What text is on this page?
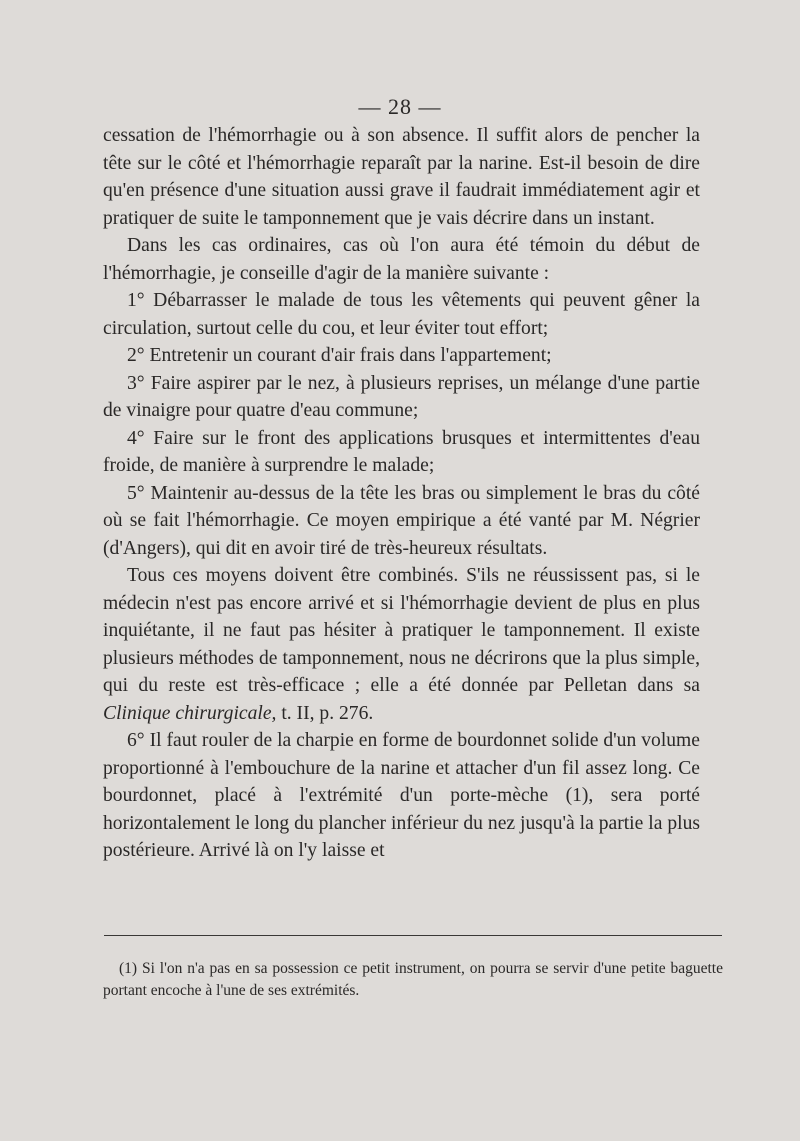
— 28 —

cessation de l'hémorrhagie ou à son absence. Il suffit alors de pencher la tête sur le côté et l'hémorrhagie reparaît par la narine. Est-il besoin de dire qu'en présence d'une situation aussi grave il faudrait immédiatement agir et pratiquer de suite le tamponnement que je vais décrire dans un instant.

Dans les cas ordinaires, cas où l'on aura été témoin du début de l'hémorrhagie, je conseille d'agir de la manière suivante :

1° Débarrasser le malade de tous les vêtements qui peuvent gêner la circulation, surtout celle du cou, et leur éviter tout effort;

2° Entretenir un courant d'air frais dans l'appartement;

3° Faire aspirer par le nez, à plusieurs reprises, un mélange d'une partie de vinaigre pour quatre d'eau commune;

4° Faire sur le front des applications brusques et intermittentes d'eau froide, de manière à surprendre le malade;

5° Maintenir au-dessus de la tête les bras ou simplement le bras du côté où se fait l'hémorrhagie. Ce moyen empirique a été vanté par M. Négrier (d'Angers), qui dit en avoir tiré de très-heureux résultats.

Tous ces moyens doivent être combinés. S'ils ne réussissent pas, si le médecin n'est pas encore arrivé et si l'hémorrhagie devient de plus en plus inquiétante, il ne faut pas hésiter à pratiquer le tamponnement. Il existe plusieurs méthodes de tamponnement, nous ne décrirons que la plus simple, qui du reste est très-efficace ; elle a été donnée par Pelletan dans sa Clinique chirurgicale, t. II, p. 276.

6° Il faut rouler de la charpie en forme de bourdonnet solide d'un volume proportionné à l'embouchure de la narine et attacher d'un fil assez long. Ce bourdonnet, placé à l'extrémité d'un porte-mèche (1), sera porté horizontalement le long du plancher inférieur du nez jusqu'à la partie la plus postérieure. Arrivé là on l'y laisse et

(1) Si l'on n'a pas en sa possession ce petit instrument, on pourra se servir d'une petite baguette portant encoche à l'une de ses extrémités.
